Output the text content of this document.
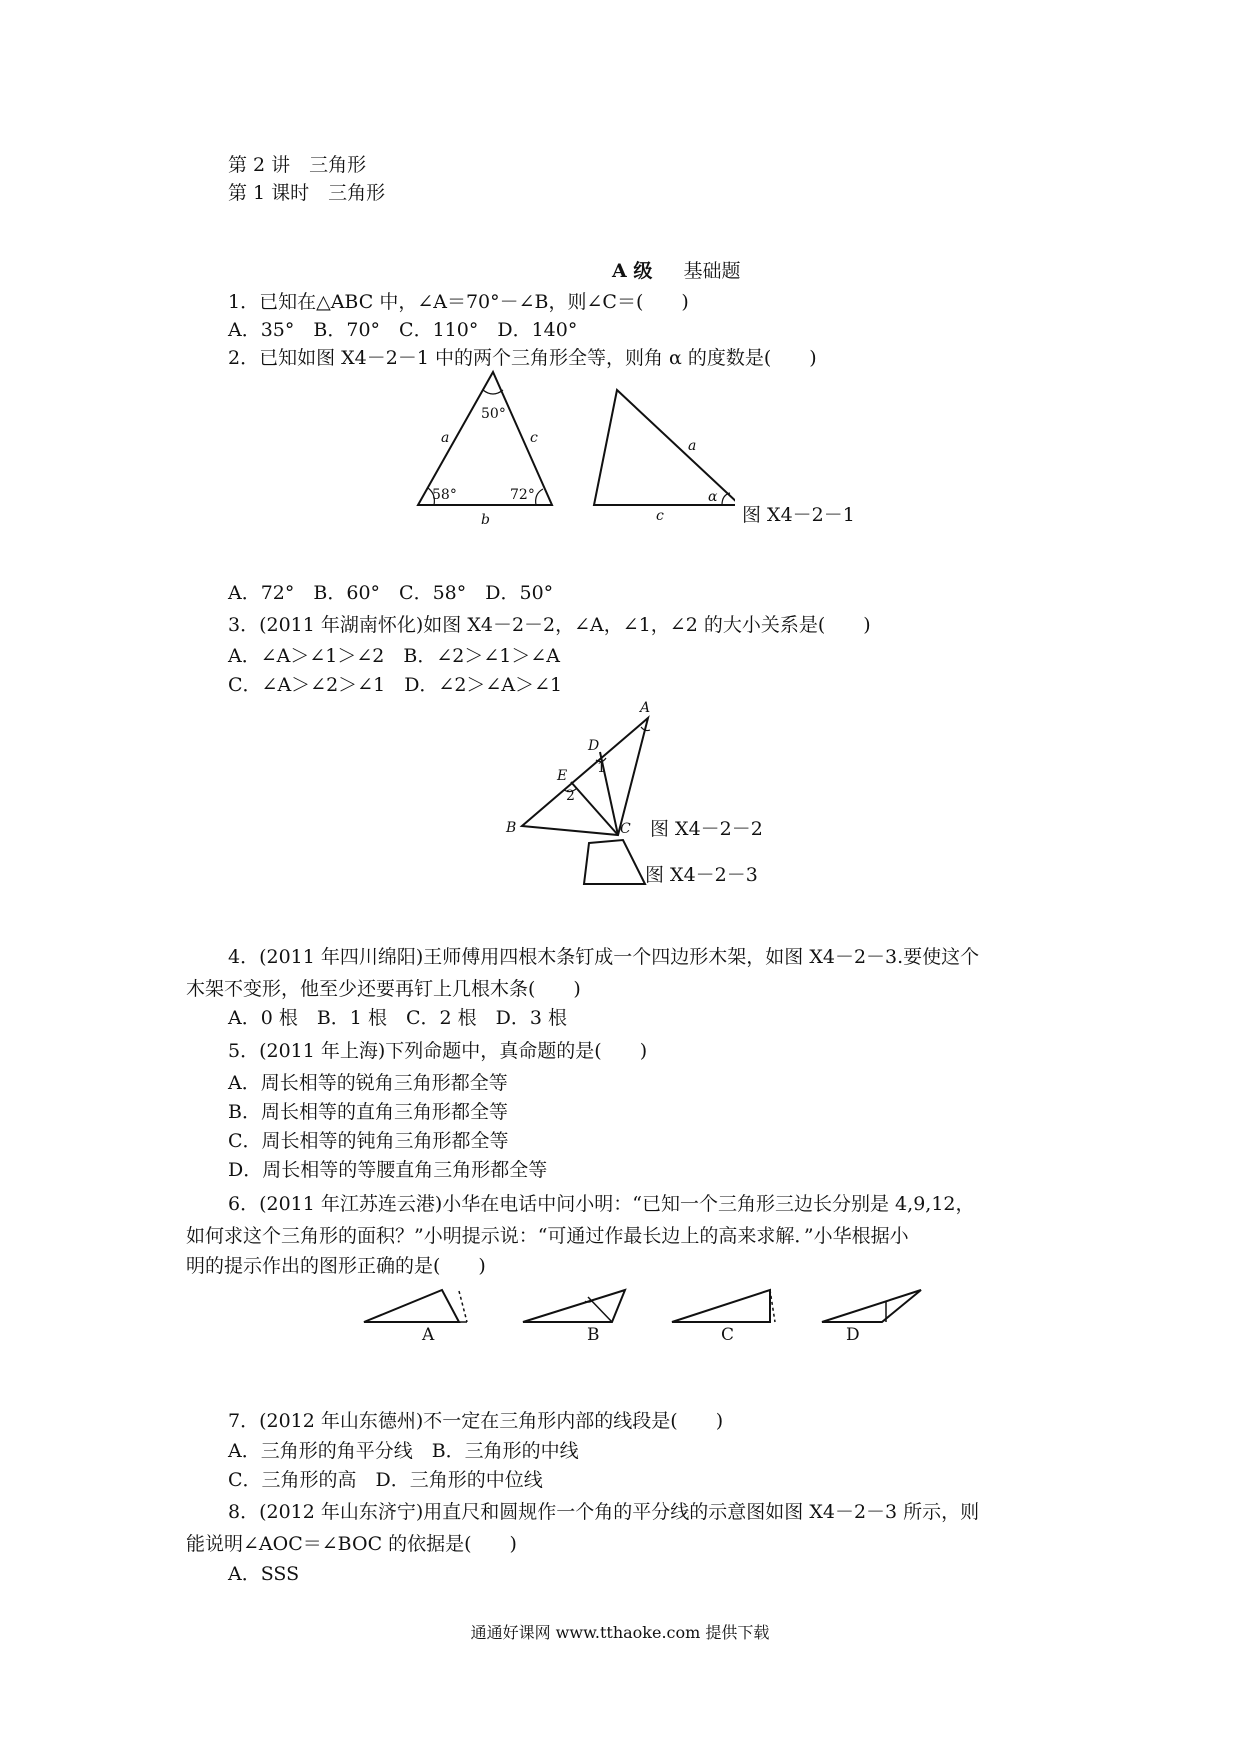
第 2 讲　三角形
第 1 课时　三角形
A 级 　 基础题
1．已知在△ABC 中，∠A＝70°－∠B，则∠C＝(　　)
A．35°　B．70°　C．110°　D．140°
2．已知如图 X4－2－1 中的两个三角形全等，则角 α 的度数是(　　)
50°
58°	72°
a	c
b
a
c
α
图 X4－2－1
A．72°　B．60°　C．58°　D．50°
3．(2011 年湖南怀化)如图 X4－2－2，∠A，∠1，∠2 的大小关系是(　　)
A．∠A＞∠1＞∠2　B．∠2＞∠1＞∠A
C．∠A＞∠2＞∠1　D．∠2＞∠A＞∠1
A
D
E
B	C
1
2
图 X4－2－2
图 X4－2－3
4．(2011 年四川绵阳)王师傅用四根木条钉成一个四边形木架，如图 X4－2－3.要使这个
木架不变形，他至少还要再钉上几根木条(　　)
A．0 根　B．1 根　C．2 根　D．3 根
5．(2011 年上海)下列命题中，真命题的是(　　)
A．周长相等的锐角三角形都全等
B．周长相等的直角三角形都全等
C．周长相等的钝角三角形都全等
D．周长相等的等腰直角三角形都全等
6．(2011 年江苏连云港)小华在电话中问小明：“已知一个三角形三边长分别是 4,9,12，
如何求这个三角形的面积？”小明提示说：“可通过作最长边上的高来求解．”小华根据小
明的提示作出的图形正确的是(　　)
A	B	C	D
7．(2012 年山东德州)不一定在三角形内部的线段是(　　)
A．三角形的角平分线　B．三角形的中线
C．三角形的高　D．三角形的中位线
8．(2012 年山东济宁)用直尺和圆规作一个角的平分线的示意图如图 X4－2－3 所示，则
能说明∠AOC＝∠BOC 的依据是(　　)
A．SSS
通通好课网 www.tthaoke.com 提供下载
